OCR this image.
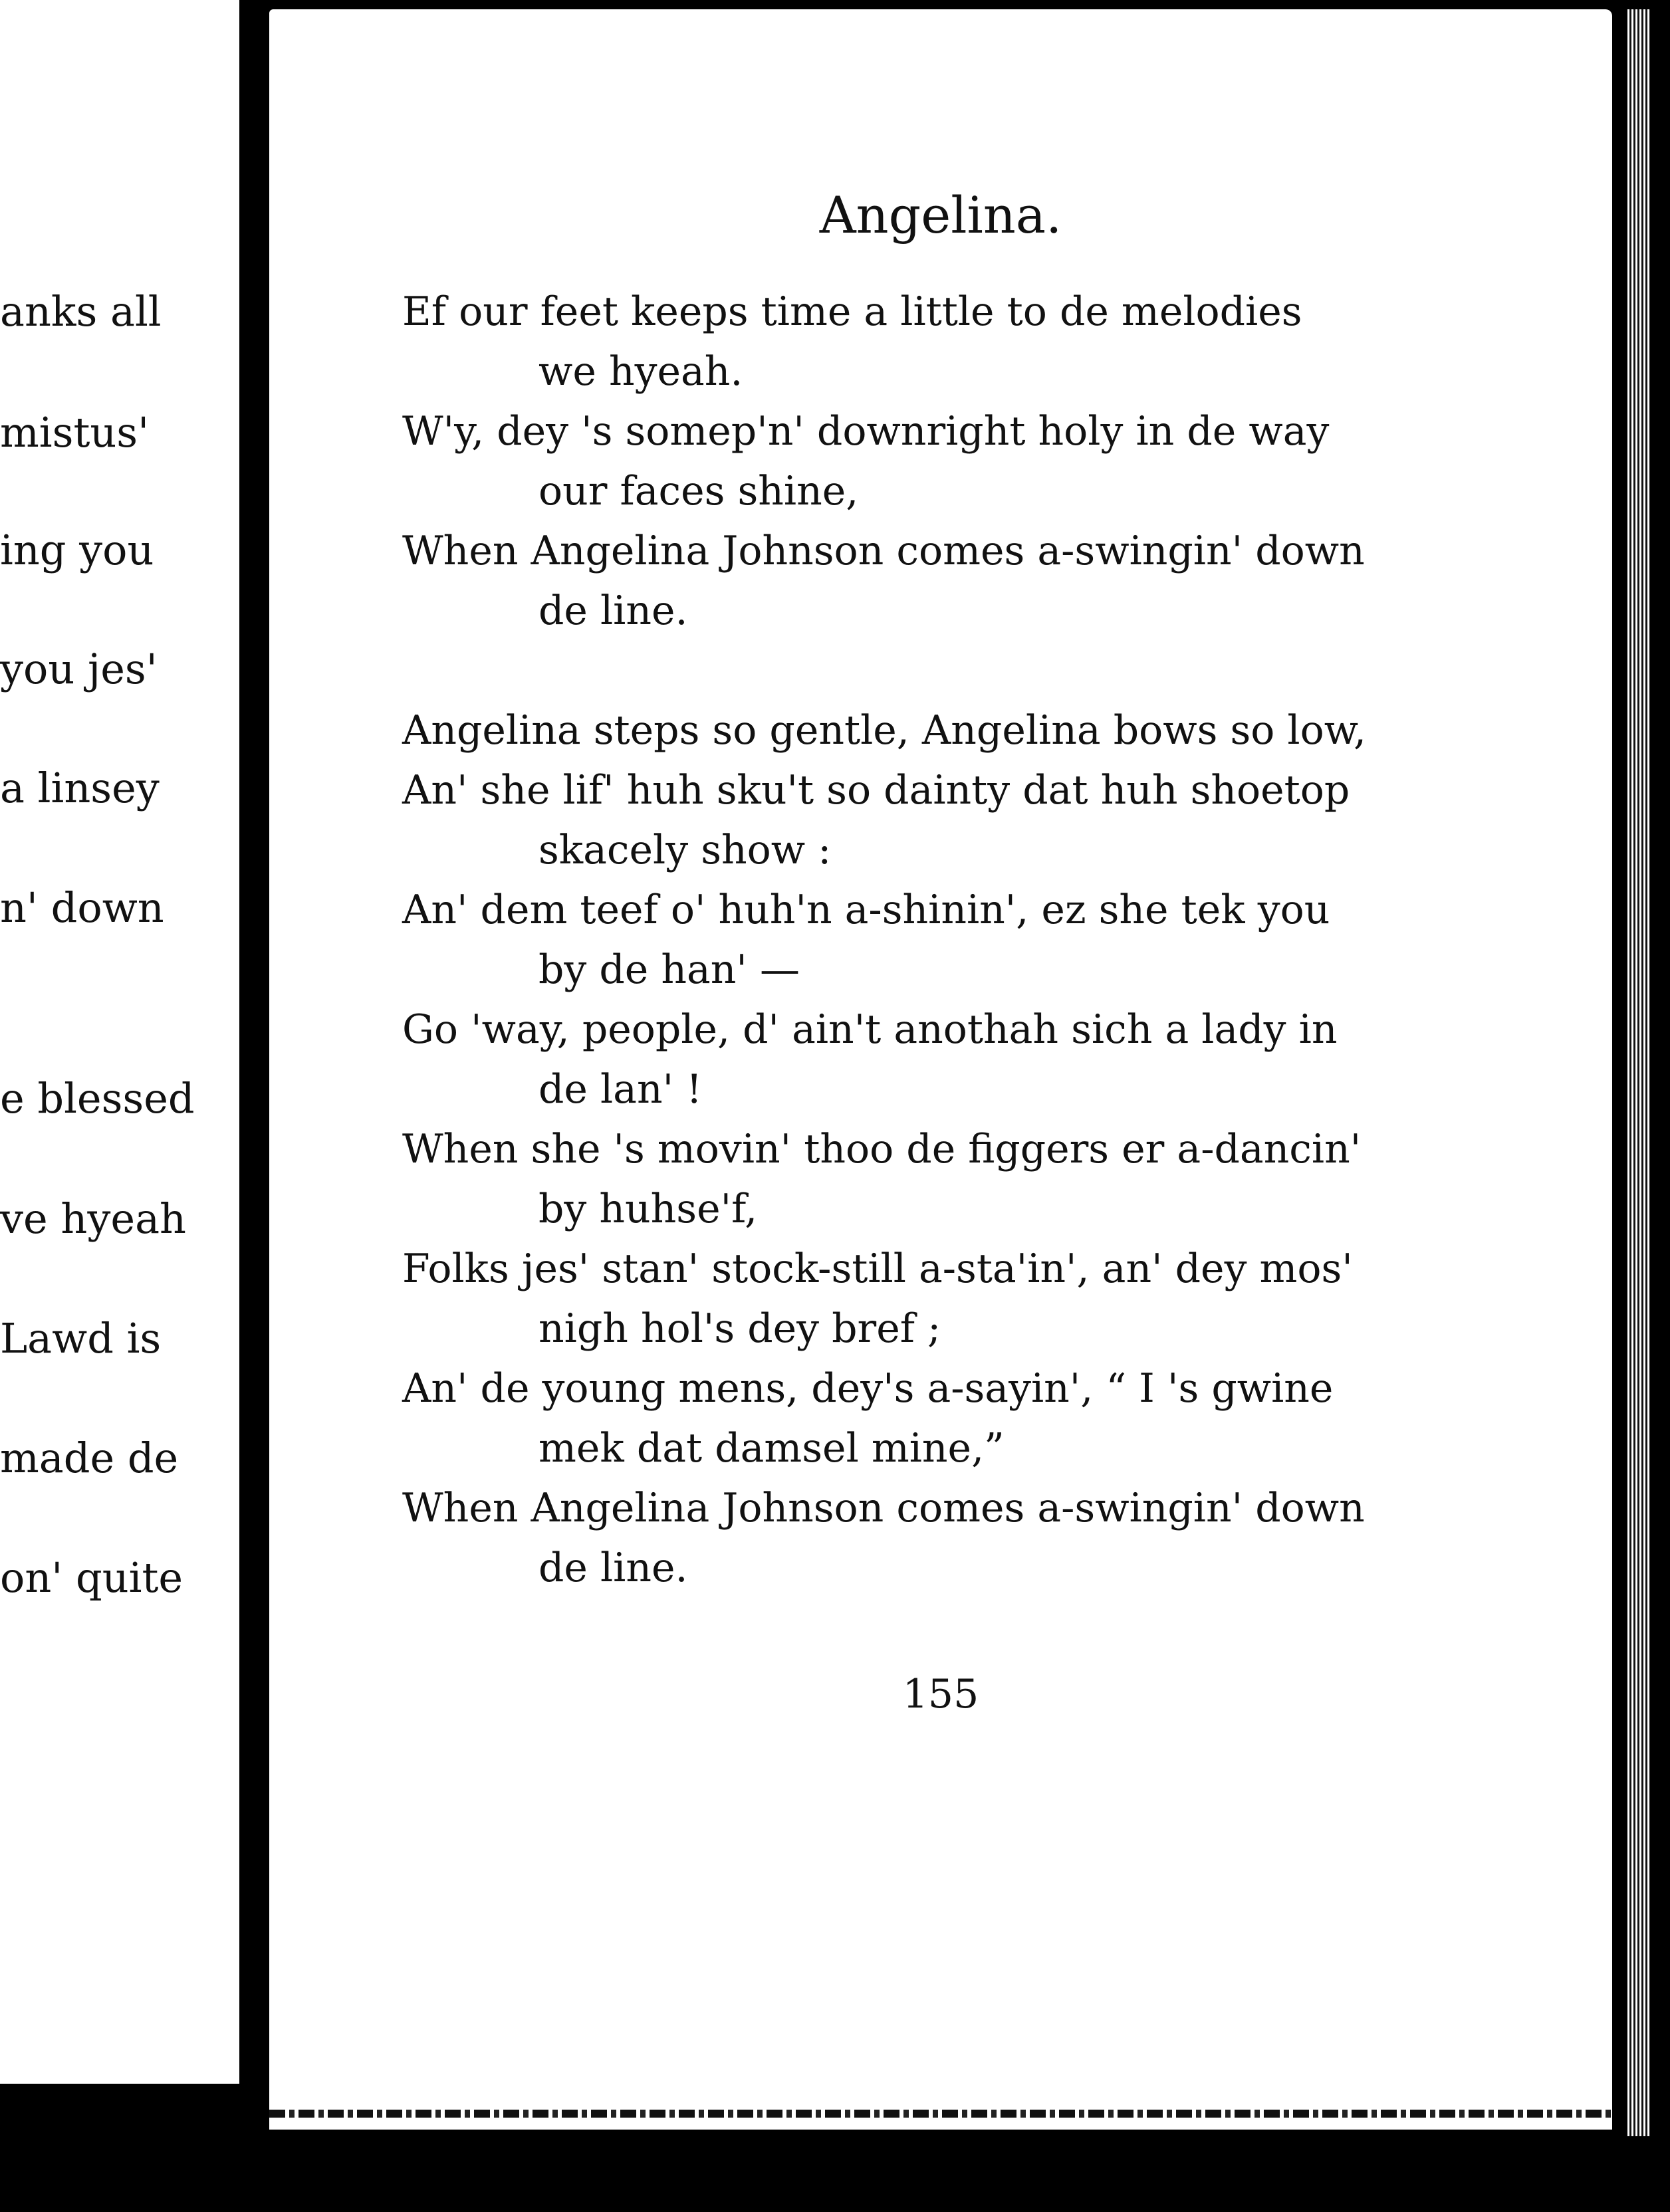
anks all
mistus'
ing you
you jes'
a linsey
n' down
e blessed
ve hyeah
Lawd is
made de
on' quite
Angelina.
Ef our feet keeps time a little to de melodies
we hyeah.
W'y, dey 's somep'n' downright holy in de way
our faces shine,
When Angelina Johnson comes a-swingin' down
de line.
Angelina steps so gentle, Angelina bows so low,
An' she lif' huh sku't so dainty dat huh shoetop
skacely show :
An' dem teef o' huh'n a-shinin', ez she tek you
by de han' —
Go 'way, people, d' ain't anothah sich a lady in
de lan' !
When she 's movin' thoo de figgers er a-dancin'
by huhse'f,
Folks jes' stan' stock-still a-sta'in', an' dey mos'
nigh hol's dey bref ;
An' de young mens, dey's a-sayin', “ I 's gwine
mek dat damsel mine,”
When Angelina Johnson comes a-swingin' down
de line.

155
